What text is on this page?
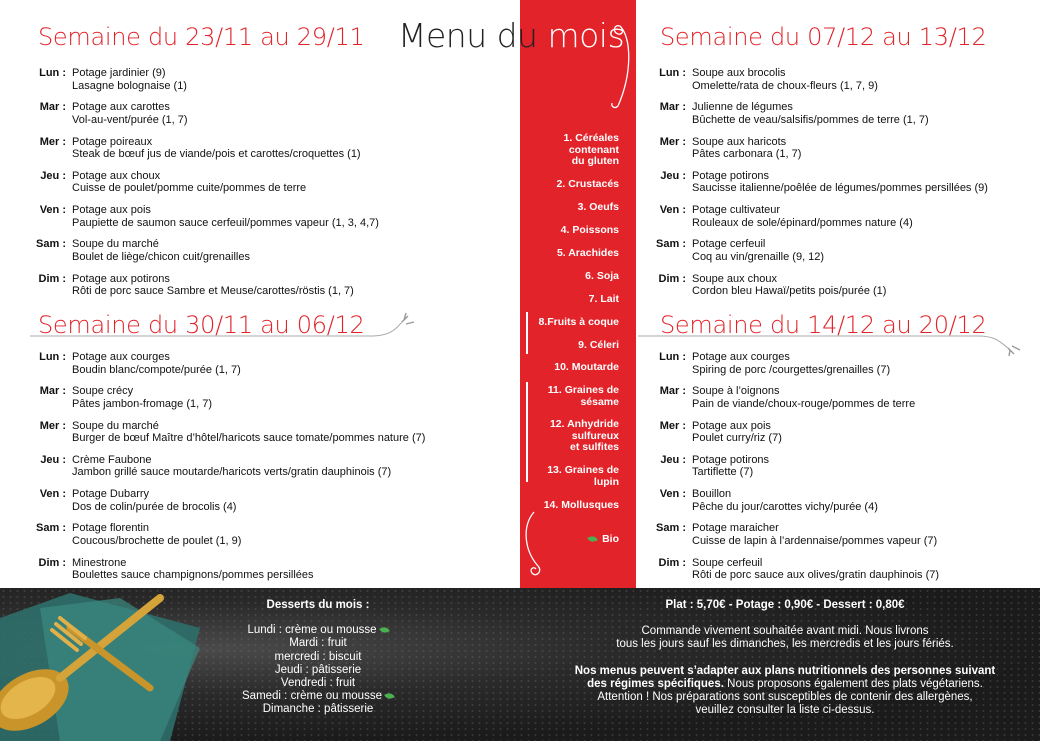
Menu du mois
Semaine du 23/11 au 29/11
Lun : Potage jardinier (9)
Lasagne bolognaise (1)
Mar : Potage aux carottes
Vol-au-vent/purée (1, 7)
Mer : Potage poireaux
Steak de bœuf jus de viande/pois et carottes/croquettes (1)
Jeu : Potage aux choux
Cuisse de poulet/pomme cuite/pommes de terre
Ven : Potage aux pois
Paupiette de saumon sauce cerfeuil/pommes vapeur (1, 3, 4,7)
Sam : Soupe du marché
Boulet de liège/chicon cuit/grenailles
Dim : Potage aux potirons
Rôti de porc sauce Sambre et Meuse/carottes/röstis (1, 7)
Semaine du 30/11 au 06/12
Lun : Potage aux courges
Boudin blanc/compote/purée (1, 7)
Mar : Soupe crécy
Pâtes jambon-fromage (1, 7)
Mer : Soupe du marché
Burger de bœuf Maître d’hôtel/haricots sauce tomate/pommes nature (7)
Jeu : Crème Faubone
Jambon grillé sauce moutarde/haricots verts/gratin dauphinois (7)
Ven : Potage Dubarry
Dos de colin/purée de brocolis (4)
Sam : Potage florentin
Coucous/brochette de poulet (1, 9)
Dim : Minestrone
Boulettes sauce champignons/pommes persillées
Semaine du 07/12 au 13/12
Lun : Soupe aux brocolis
Omelette/rata de choux-fleurs (1, 7, 9)
Mar : Julienne de légumes
Bûchette de veau/salsifis/pommes de terre (1, 7)
Mer : Soupe aux haricots
Pâtes carbonara (1, 7)
Jeu : Potage potirons
Saucisse italienne/poêlée de légumes/pommes persillées (9)
Ven : Potage cultivateur
Rouleaux de sole/épinard/pommes nature (4)
Sam : Potage cerfeuil
Coq au vin/grenaille (9, 12)
Dim : Soupe aux choux
Cordon bleu Hawaï/petits pois/purée (1)
Semaine du 14/12 au 20/12
Lun : Potage aux courges
Spiring de porc /courgettes/grenailles (7)
Mar : Soupe à l’oignons
Pain de viande/choux-rouge/pommes de terre
Mer : Potage aux pois
Poulet curry/riz (7)
Jeu : Potage potirons
Tartiflette (7)
Ven : Bouillon
Pêche du jour/carottes vichy/purée (4)
Sam : Potage maraicher
Cuisse de lapin à l’ardennaise/pommes vapeur (7)
Dim : Soupe cerfeuil
Rôti de porc sauce aux olives/gratin dauphinois (7)
1. Céréales
contenant
du gluten
2. Crustacés
3. Oeufs
4. Poissons
5. Arachides
6. Soja
7. Lait
8.Fruits à coque
9. Céleri
10. Moutarde
11. Graines de
sésame
12. Anhydride
sulfureux
et sulfites
13. Graines de
lupin
14. Mollusques

Bio

Desserts du mois :
Lundi : crème ou mousse
Mardi : fruit
mercredi : biscuit
Jeudi : pâtisserie
Vendredi : fruit
Samedi : crème ou mousse
Dimanche : pâtisserie
Plat : 5,70€ - Potage : 0,90€ - Dessert : 0,80€
Commande vivement souhaitée avant midi. Nous livrons
tous les jours sauf les dimanches, les mercredis et les jours fériés.
Nos menus peuvent s’adapter aux plans nutritionnels des personnes suivant
des régimes spécifiques. Nous proposons également des plats végétariens.
Attention ! Nos préparations sont susceptibles de contenir des allergènes,
veuillez consulter la liste ci-dessus.
